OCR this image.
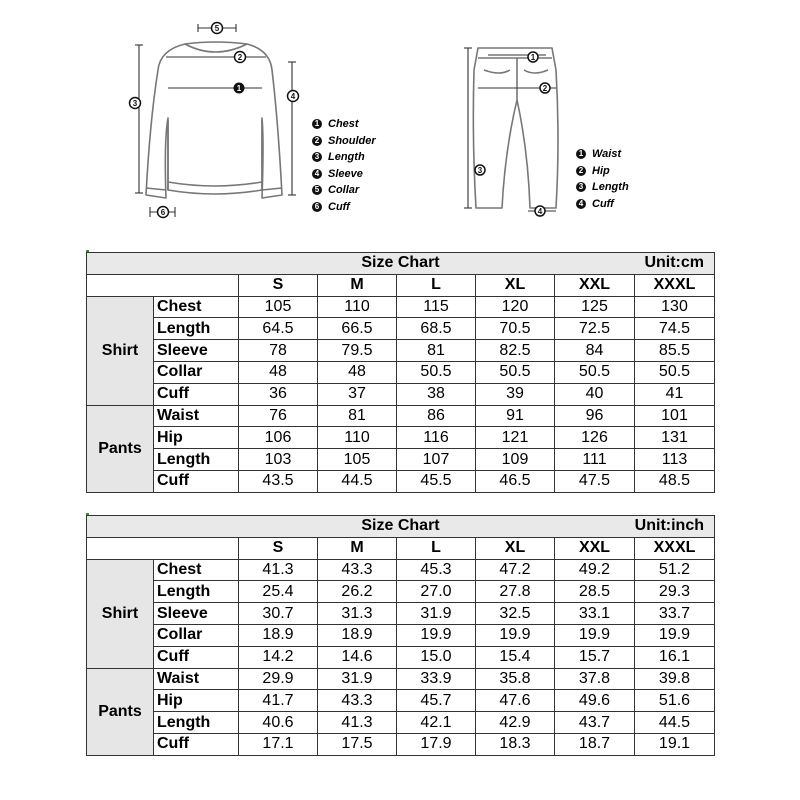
5
2
1
3
4
6
1
2
3
4
1 Chest
2 Shoulder
3 Length
4 Sleeve
5 Collar
6 Cuff
1 Waist
2 Hip
3 Length
4 Cuff
Size Chart Unit:cm							

		S	M	L	XL	XXL	XXXL
Shirt	Chest	105	110	115	120	125	130
	Length	64.5	66.5	68.5	70.5	72.5	74.5
	Sleeve	78	79.5	81	82.5	84	85.5
	Collar	48	48	50.5	50.5	50.5	50.5
	Cuff	36	37	38	39	40	41
Pants	Waist	76	81	86	91	96	101
	Hip	106	110	116	121	126	131
	Length	103	105	107	109	111	113
	Cuff	43.5	44.5	45.5	46.5	47.5	48.5
Size Chart Unit:inch							

		S	M	L	XL	XXL	XXXL
Shirt	Chest	41.3	43.3	45.3	47.2	49.2	51.2
	Length	25.4	26.2	27.0	27.8	28.5	29.3
	Sleeve	30.7	31.3	31.9	32.5	33.1	33.7
	Collar	18.9	18.9	19.9	19.9	19.9	19.9
	Cuff	14.2	14.6	15.0	15.4	15.7	16.1
Pants	Waist	29.9	31.9	33.9	35.8	37.8	39.8
	Hip	41.7	43.3	45.7	47.6	49.6	51.6
	Length	40.6	41.3	42.1	42.9	43.7	44.5
	Cuff	17.1	17.5	17.9	18.3	18.7	19.1
